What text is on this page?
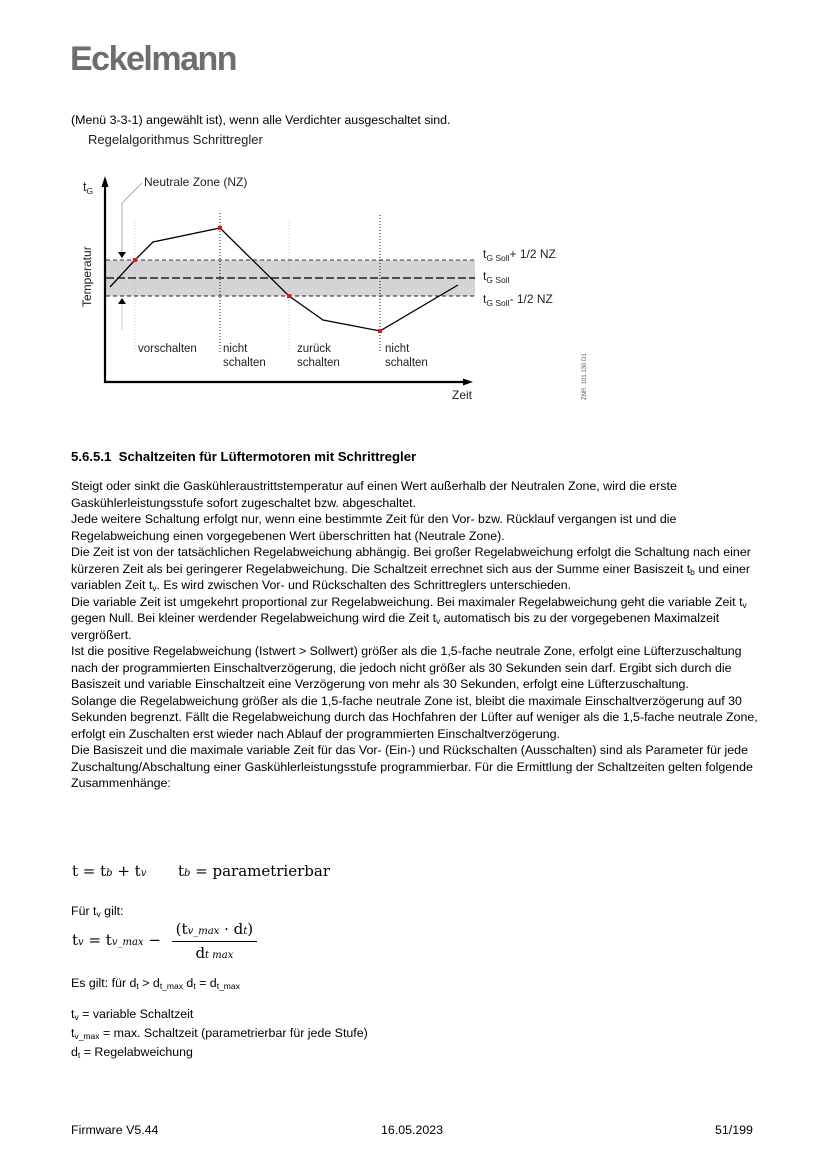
Eckelmann
(Menü 3-3-1) angewählt ist), wenn alle Verdichter ausgeschaltet sind.
Regelalgorithmus Schrittregler
$t_G$
Temperatur
Neutrale Zone (NZ)
Zeit
$t_{G Soll}+ 1/2$ NZ
$t_{G Soll}$
$t_{G Soll}-$ 1/2 NZ
vorschalten nicht schalten
zurück schalten
nicht schalten	ZNR. 101 130 D1
5.6.5.1 Schaltzeiten für Lüftermotoren mit Schrittregler

Steigt oder sinkt die Gaskühleraustrittstemperatur auf einen Wert außerhalb der Neutralen Zone, wird die erste Gaskühlerleistungsstufe sofort zugeschaltet bzw. abgeschaltet.

Jede weitere Schaltung erfolgt nur, wenn eine bestimmte Zeit für den Vor- bzw. Rücklauf vergangen ist und die Regelabweichung einen vorgegebenen Wert überschritten hat (Neutrale Zone).

Die Zeit ist von der tatsächlichen Regelabweichung abhängig. Bei großer Regelabweichung erfolgt die Schaltung nach einer kürzeren Zeit als bei geringerer Regelabweichung. Die Schaltzeit errechnet sich aus der Summe einer Basiszeit $t_b$ und einer variablen Zeit $t_v$. Es wird zwischen Vor- und Rückschalten des Schrittreglers unterschieden.

Die variable Zeit ist umgekehrt proportional zur Regelabweichung. Bei maximaler Regelabweichung geht die variable Zeit $t_v$ gegen Null. Bei kleiner werdender Regelabweichung wird die Zeit $t_v$ automatisch bis zu der vorgegebenen Maximalzeit vergrößert.

Ist die positive Regelabweichung (Istwert > Sollwert) größer als die 1,5-fache neutrale Zone, erfolgt eine Lüfterzuschaltung nach der programmierten Einschaltverzögerung, die jedoch nicht größer als 30 Sekunden sein darf. Ergibt sich durch die Basiszeit und variable Einschaltzeit eine Verzögerung von mehr als 30 Sekunden, erfolgt eine Lüfterzuschaltung.

Solange die Regelabweichung größer als die 1,5-fache neutrale Zone ist, bleibt die maximale Einschaltverzögerung auf 30 Sekunden begrenzt. Fällt die Regelabweichung durch das Hochfahren der Lüfter auf weniger als die 1,5-fache neutrale Zone, erfolgt ein Zuschalten erst wieder nach Ablauf der programmierten Einschaltverzögerung.

Die Basiszeit und die maximale variable Zeit für das Vor- (Ein-) und Rückschalten (Ausschalten) sind als Parameter für jede Zuschaltung/Abschaltung einer Gaskühlerleistungsstufe programmierbar. Für die Ermittlung der Schaltzeiten gelten folgende Zusammenhänge:

t = tb + tv tb = parametrierbar
Für $t_v$ gilt:
tv = tv_max − $\frac{(tv\_\max \cdot dt)}{\text{dt max}}$
Es gilt: für $d_t > d_{t\_max}$ $d_t = d_{t\_max}$
$t_v$ = variable Schaltzeit
$t_{v\_max} = \max$. Schaltzeit (parametrierbar für jede Stufe)
$d_t$ = Regelabweichung
Firmware V5.44	16.05.2023	51/199
